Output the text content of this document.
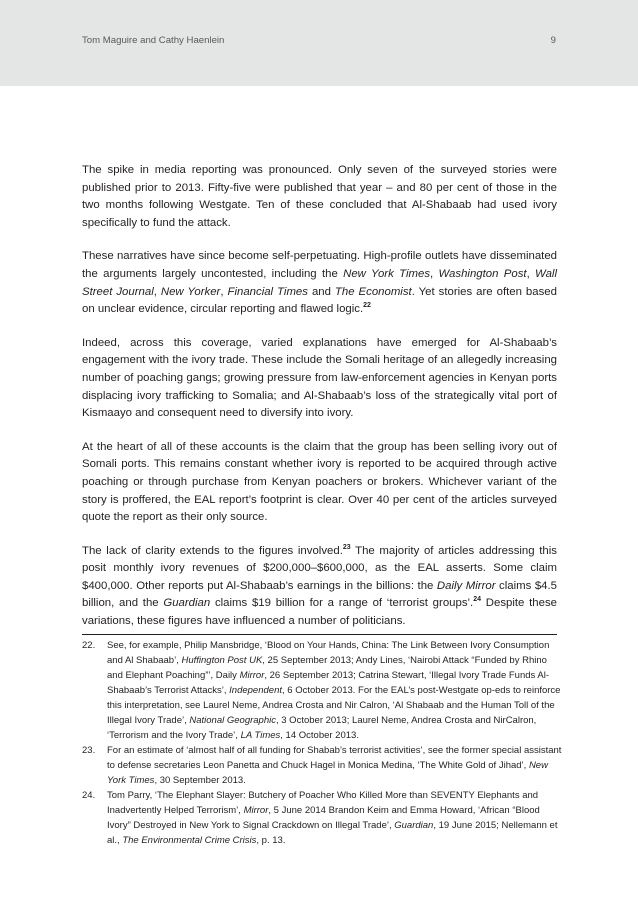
Tom Maguire and Cathy Haenlein	9

The spike in media reporting was pronounced. Only seven of the surveyed stories were published prior to 2013. Fifty-five were published that year – and 80 per cent of those in the two months following Westgate. Ten of these concluded that Al-Shabaab had used ivory specifically to fund the attack.

These narratives have since become self-perpetuating. High-profile outlets have disseminated the arguments largely uncontested, including the New York Times, Washington Post, Wall Street Journal, New Yorker, Financial Times and The Economist. Yet stories are often based on unclear evidence, circular reporting and flawed logic.$^{22}$

Indeed, across this coverage, varied explanations have emerged for Al-Shabaab’s engagement with the ivory trade. These include the Somali heritage of an allegedly increasing number of poaching gangs; growing pressure from law-enforcement agencies in Kenyan ports displacing ivory trafficking to Somalia; and Al-Shabaab’s loss of the strategically vital port of Kismaayo and consequent need to diversify into ivory.

At the heart of all of these accounts is the claim that the group has been selling ivory out of Somali ports. This remains constant whether ivory is reported to be acquired through active poaching or through purchase from Kenyan poachers or brokers. Whichever variant of the story is proffered, the EAL report’s footprint is clear. Over 40 per cent of the articles surveyed quote the report as their only source.

The lack of clarity extends to the figures involved.$^{23}$ The majority of articles addressing this posit monthly ivory revenues of $200,000–$600,000, as the EAL asserts. Some claim $400,000. Other reports put Al-Shabaab’s earnings in the billions: the Daily Mirror claims $4.5 billion, and the Guardian claims $19 billion for a range of ‘terrorist groups’.$^{24}$ Despite these variations, these figures have influenced a number of politicians.

22.	See, for example, Philip Mansbridge, ‘Blood on Your Hands, China: The Link Between Ivory Consumption and Al Shabaab’, Huffington Post UK, 25 September 2013; Andy Lines, ‘Nairobi Attack “Funded by Rhino and Elephant Poaching”’, Daily Mirror, 26 September 2013; Catrina Stewart, ‘Illegal Ivory Trade Funds Al-Shabaab’s Terrorist Attacks’, Independent, 6 October 2013. For the EAL’s post-Westgate op-eds to reinforce this interpretation, see Laurel Neme, Andrea Crosta and Nir Calron, ‘Al Shabaab and the Human Toll of the Illegal Ivory Trade’, National Geographic, 3 October 2013; Laurel Neme, Andrea Crosta and NirCalron, ‘Terrorism and the Ivory Trade’, LA Times, 14 October 2013.
23.	For an estimate of ‘almost half of all funding for Shabab’s terrorist activities’, see the former special assistant to defense secretaries Leon Panetta and Chuck Hagel in Monica Medina, ‘The White Gold of Jihad’, New York Times, 30 September 2013.
24.	Tom Parry, ‘The Elephant Slayer: Butchery of Poacher Who Killed More than SEVENTY Elephants and Inadvertently Helped Terrorism’, Mirror, 5 June 2014 Brandon Keim and Emma Howard, ‘African “Blood Ivory” Destroyed in New York to Signal Crackdown on Illegal Trade’, Guardian, 19 June 2015; Nellemann et al., The Environmental Crime Crisis, p. 13.
